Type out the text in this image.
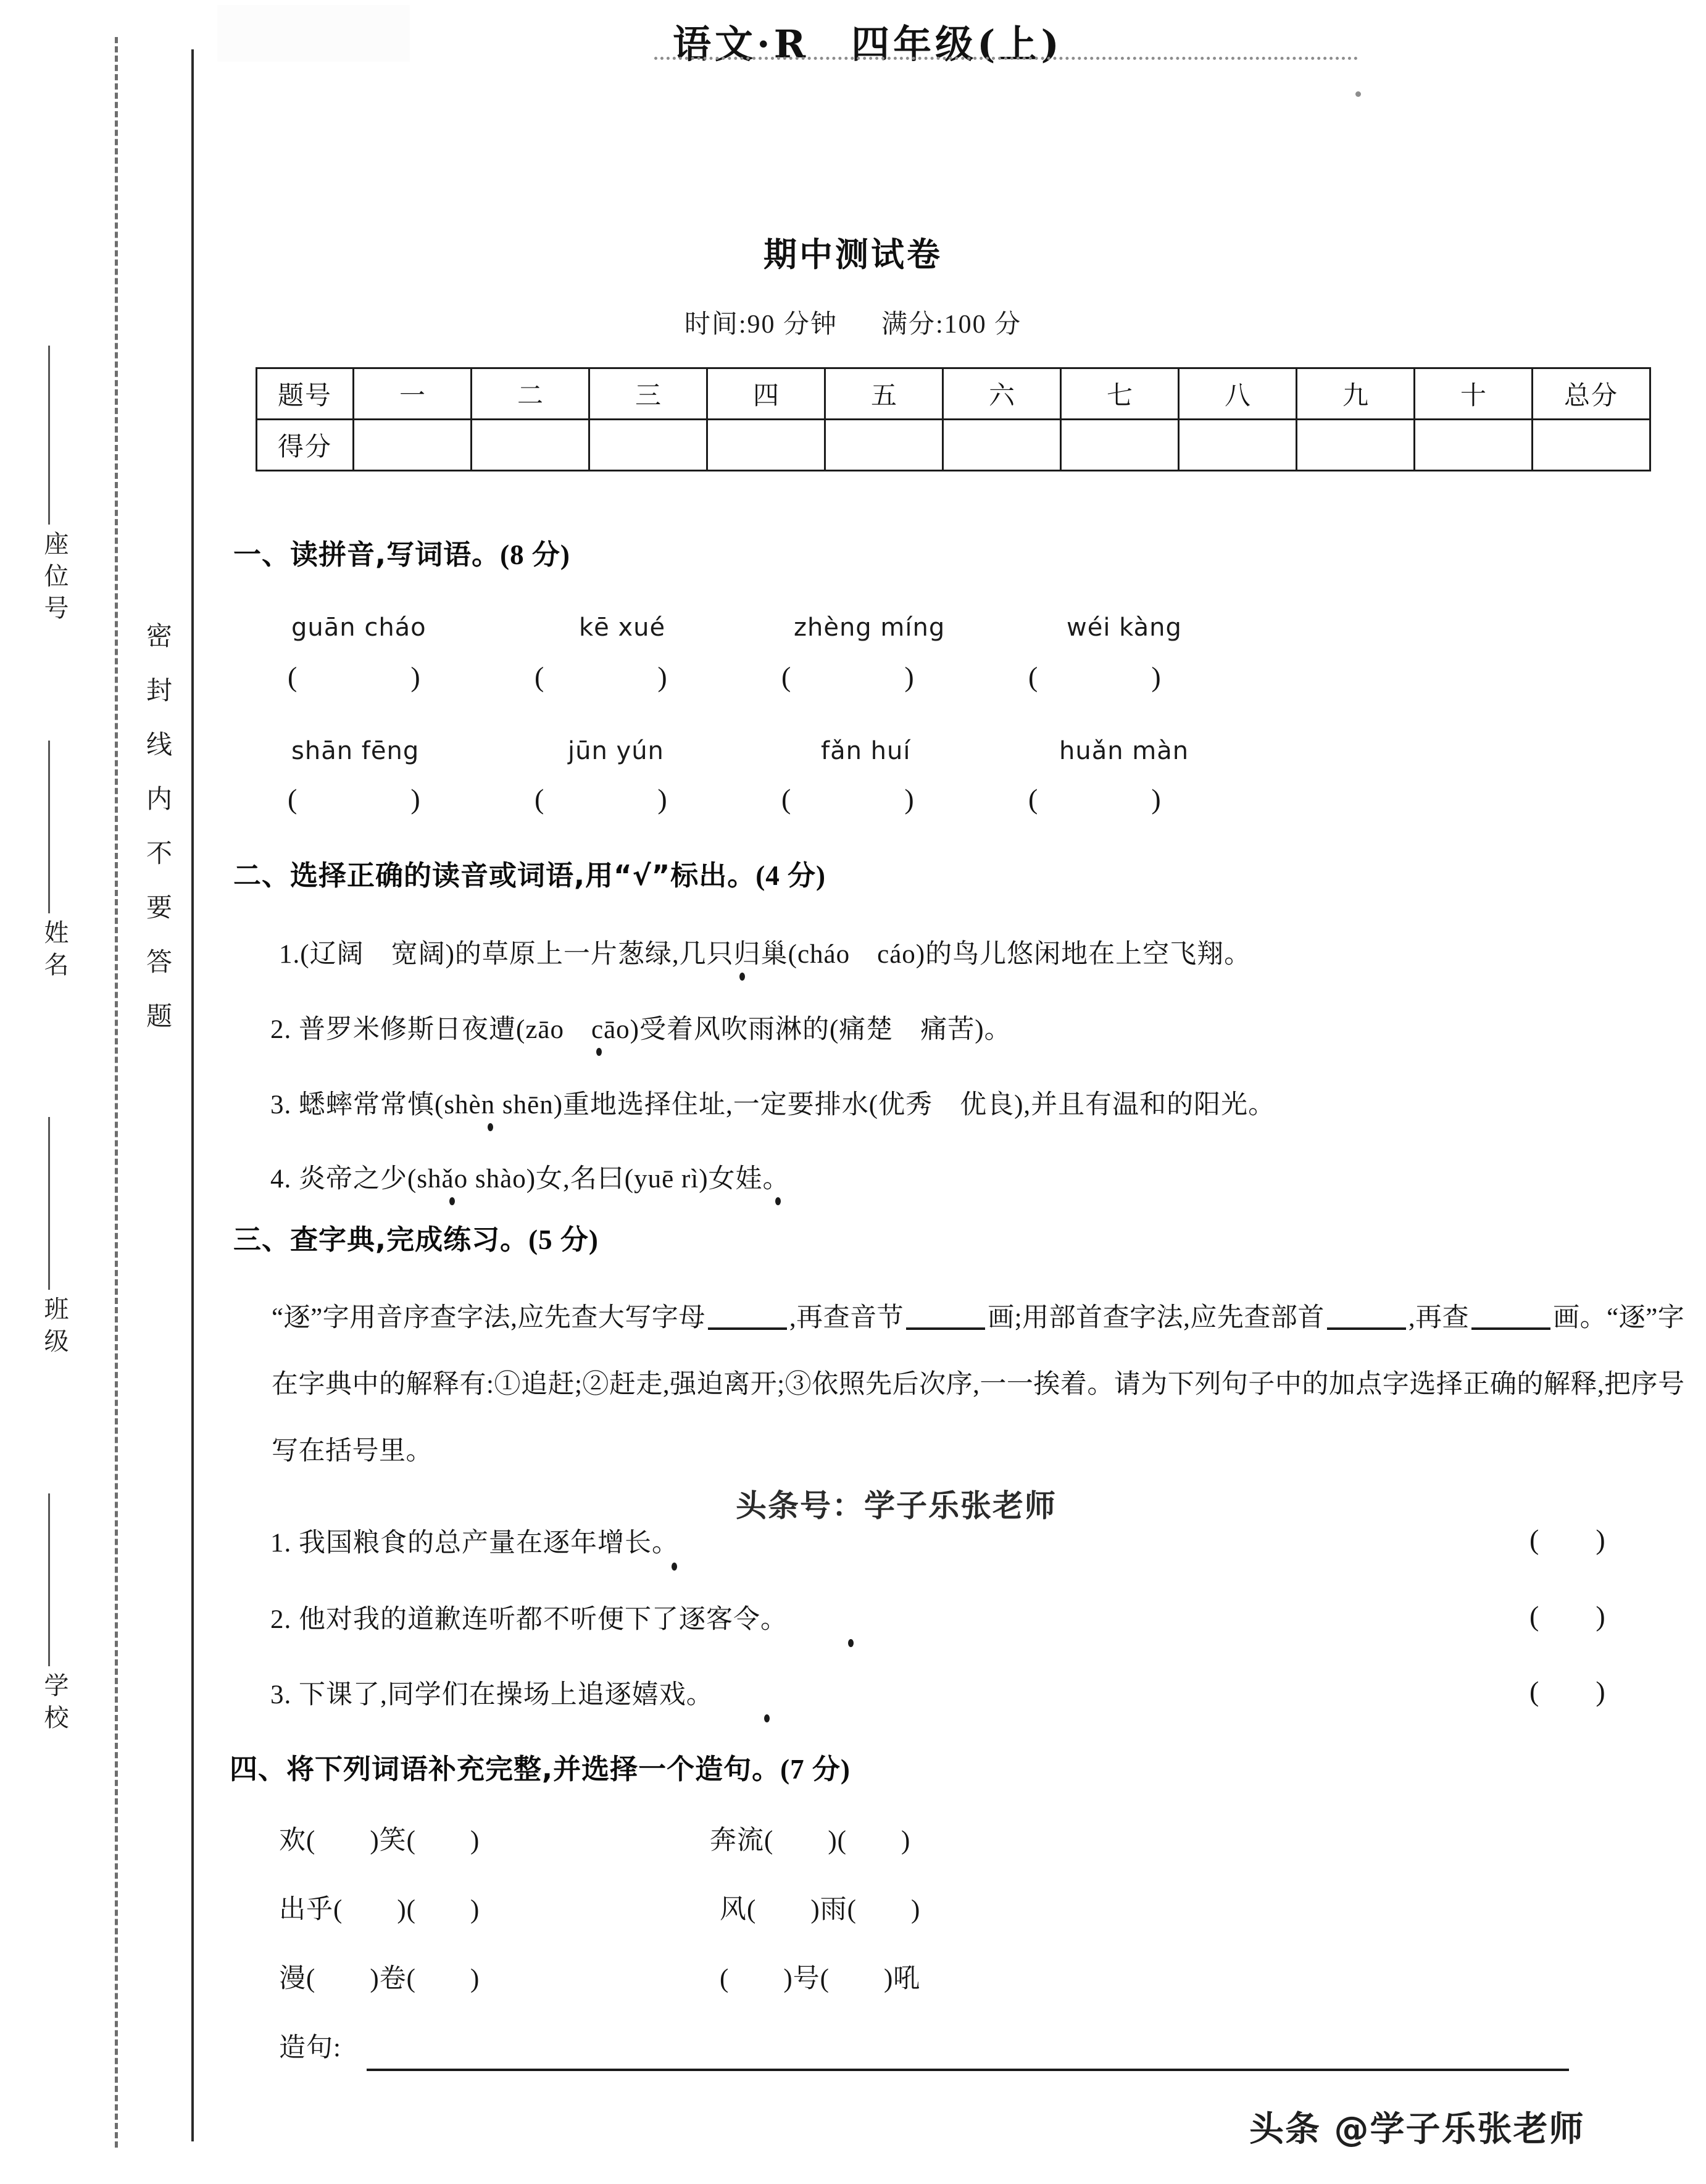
座位号
姓名
班级
学校
密封线内不要答题
语文·R　四年级(上)
期中测试卷
时间:90 分钟 满分:100 分
题号	一	二	三	四	五	六	七	八	九	十	总分
得分											
一、读拼音,写词语。(8 分)
guān cháo	kē xué	zhèng míng	wéi kàng
(　　　　)	(　　　　)	(　　　　)	(　　　　)
shān fēng	jūn yún	fǎn huí	huǎn màn
(　　　　)	(　　　　)	(　　　　)	(　　　　)
二、选择正确的读音或词语,用“√”标出。(4 分)
1.(辽阔　宽阔)的草原上一片葱绿,几只归巢(cháo　cáo)的鸟儿悠闲地在上空飞翔。
2. 普罗米修斯日夜遭(zāo　cāo)受着风吹雨淋的(痛楚　痛苦)。
3. 蟋蟀常常慎(shèn shēn)重地选择住址,一定要排水(优秀　优良),并且有温和的阳光。
4. 炎帝之少(shǎo shào)女,名曰(yuē rì)女娃。
三、查字典,完成练习。(5 分)
“逐”字用音序查字法,应先查大写字母	,再查音节	画;用部首查字法,应先查部首	,再查	画。“逐”字在字典中的解释有:①追赶;②赶走,强迫离开;③依照先后次序,一一挨着。请为下列句子中的加点字选择正确的解释,把序号写在括号里。
1. 我国粮食的总产量在逐年增长。	(　　)
2. 他对我的道歉连听都不听便下了逐客令。	(　　)
3. 下课了,同学们在操场上追逐嬉戏。	(　　)
四、将下列词语补充完整,并选择一个造句。(7 分)
欢(　　)笑(　　)	奔流(　　)(　　)
出乎(　　)(　　)	风(　　)雨(　　)
漫(　　)卷(　　)	(　　)号(　　)吼
造句:
头条号：学子乐张老师
头条 @学子乐张老师
